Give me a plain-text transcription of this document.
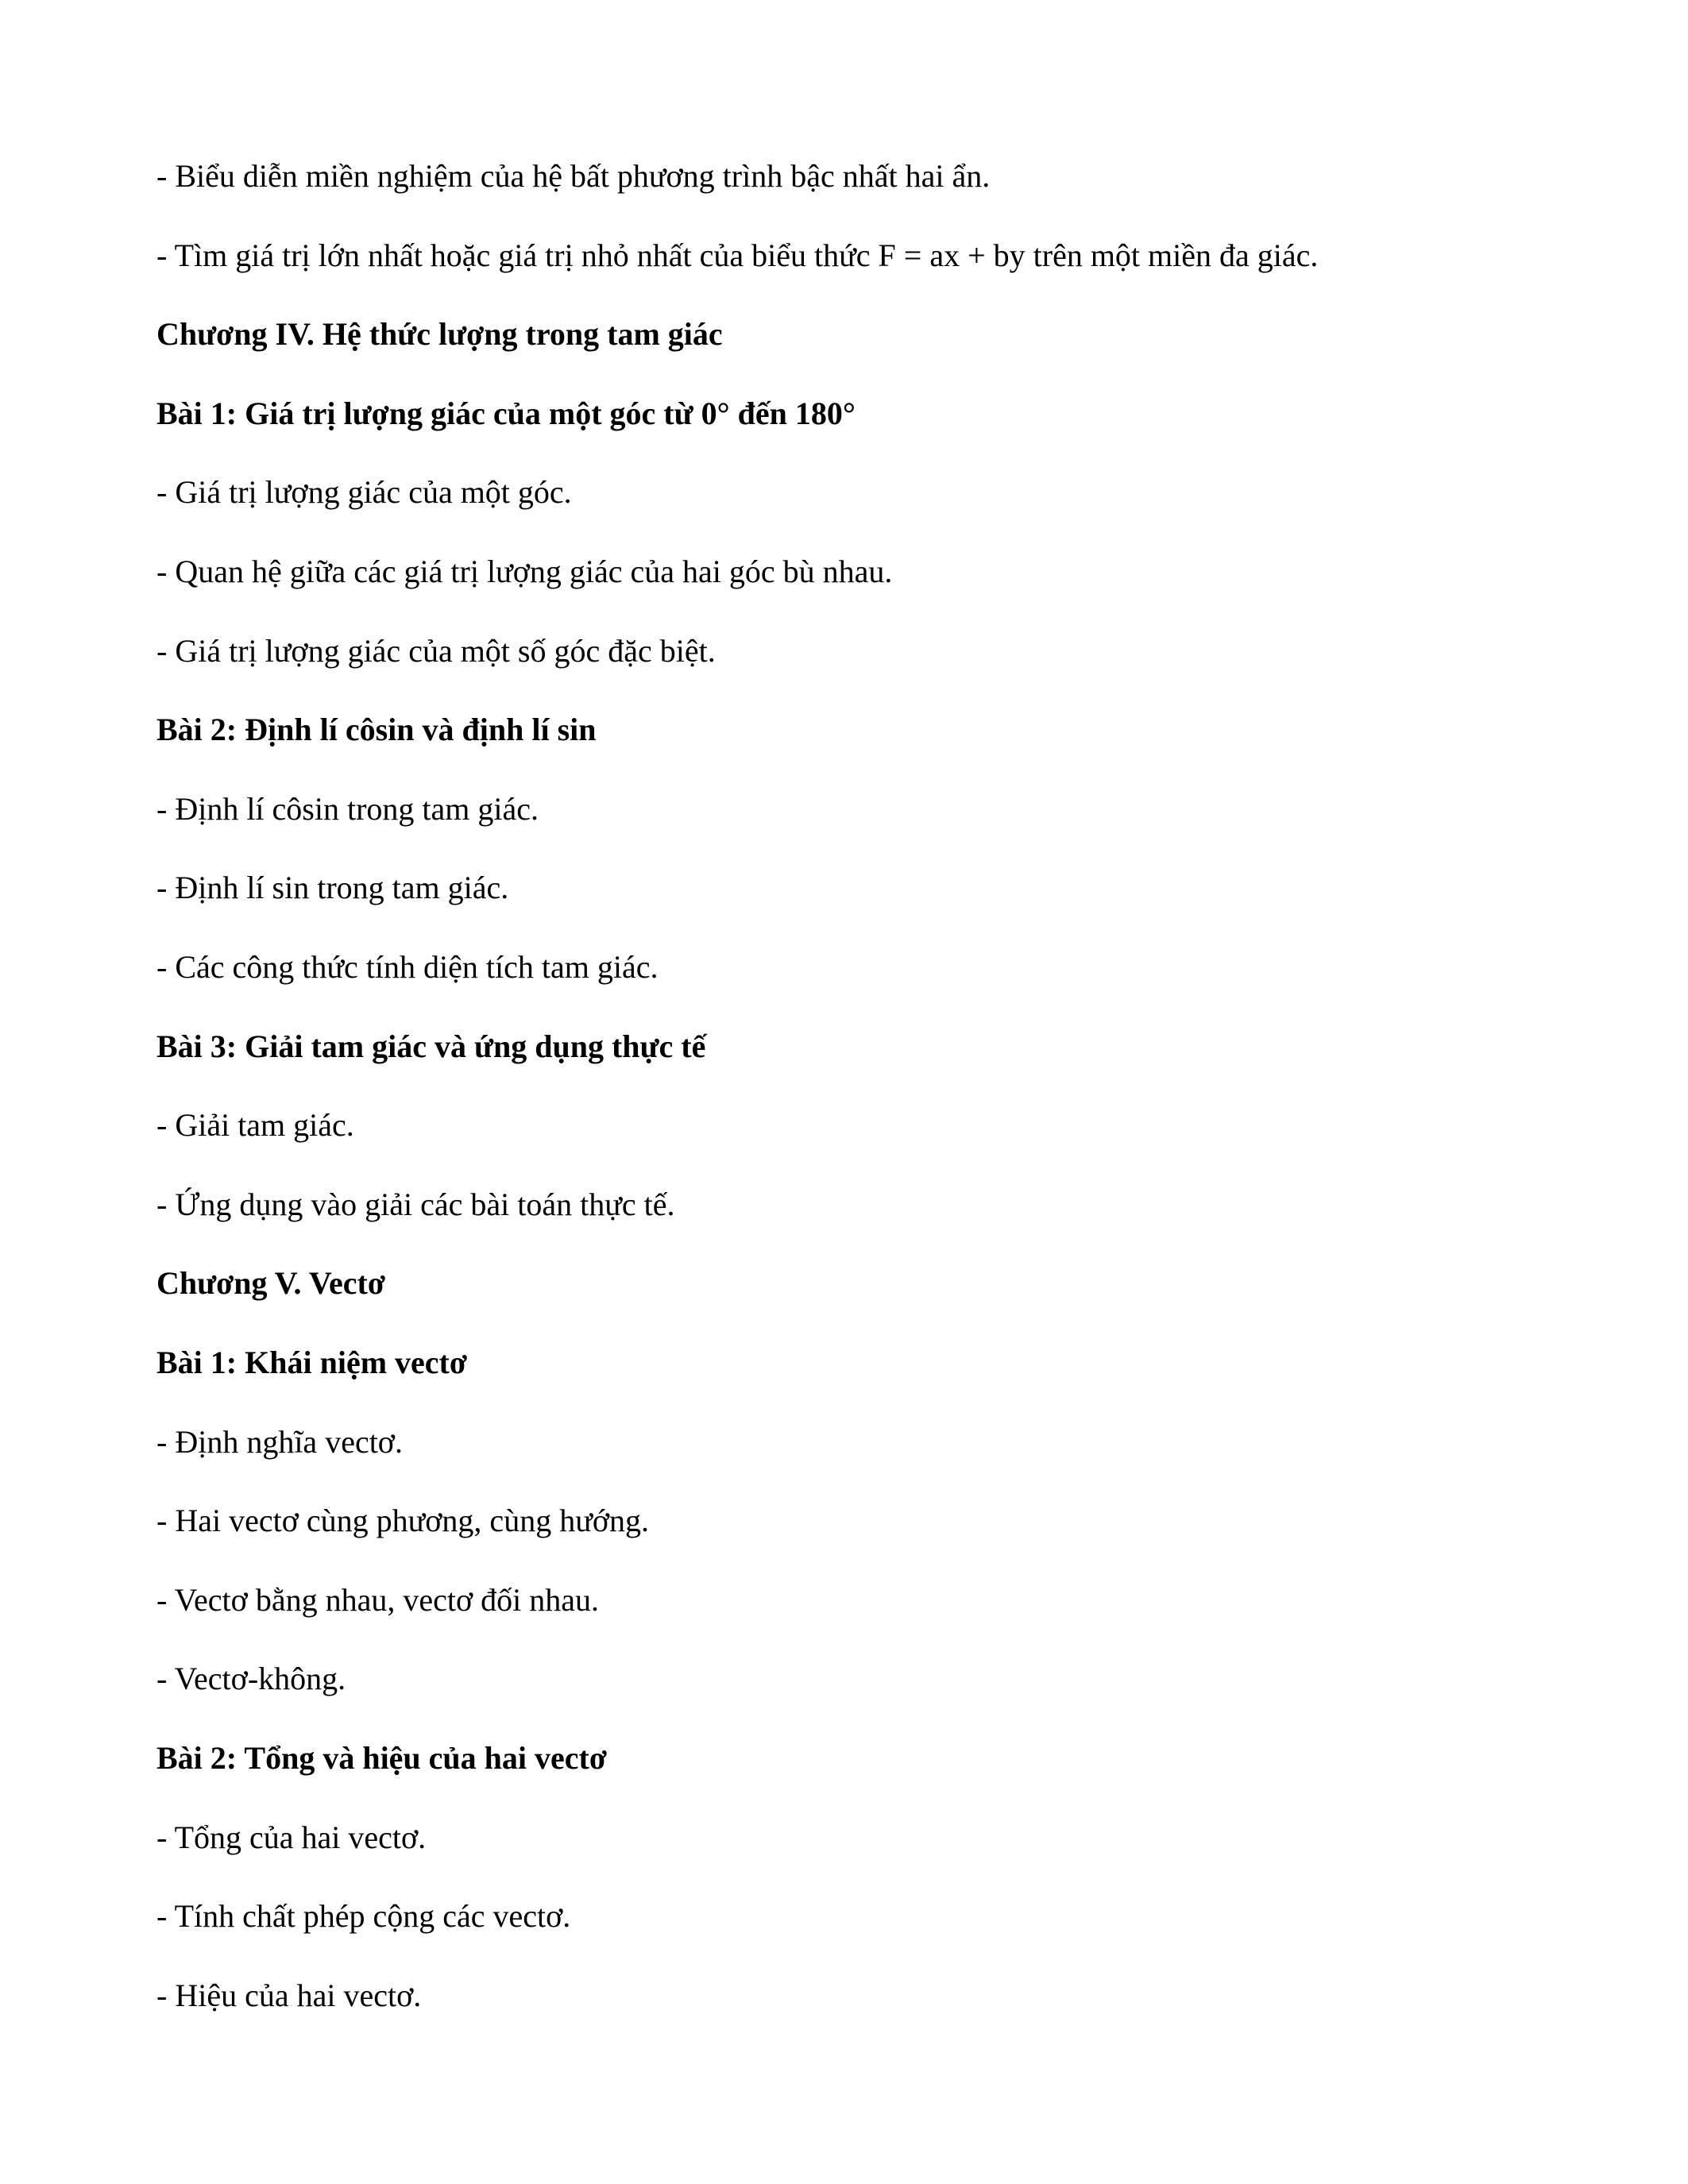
- Biểu diễn miền nghiệm của hệ bất phương trình bậc nhất hai ẩn.
- Tìm giá trị lớn nhất hoặc giá trị nhỏ nhất của biểu thức F = ax + by trên một miền đa giác.
Chương IV. Hệ thức lượng trong tam giác
Bài 1: Giá trị lượng giác của một góc từ 0° đến 180°
- Giá trị lượng giác của một góc.
- Quan hệ giữa các giá trị lượng giác của hai góc bù nhau.
- Giá trị lượng giác của một số góc đặc biệt.
Bài 2: Định lí côsin và định lí sin
- Định lí côsin trong tam giác.
- Định lí sin trong tam giác.
- Các công thức tính diện tích tam giác.
Bài 3: Giải tam giác và ứng dụng thực tế
- Giải tam giác.
- Ứng dụng vào giải các bài toán thực tế.
Chương V. Vectơ
Bài 1: Khái niệm vectơ
- Định nghĩa vectơ.
- Hai vectơ cùng phương, cùng hướng.
- Vectơ bằng nhau, vectơ đối nhau.
- Vectơ-không.
Bài 2: Tổng và hiệu của hai vectơ
- Tổng của hai vectơ.
- Tính chất phép cộng các vectơ.
- Hiệu của hai vectơ.
